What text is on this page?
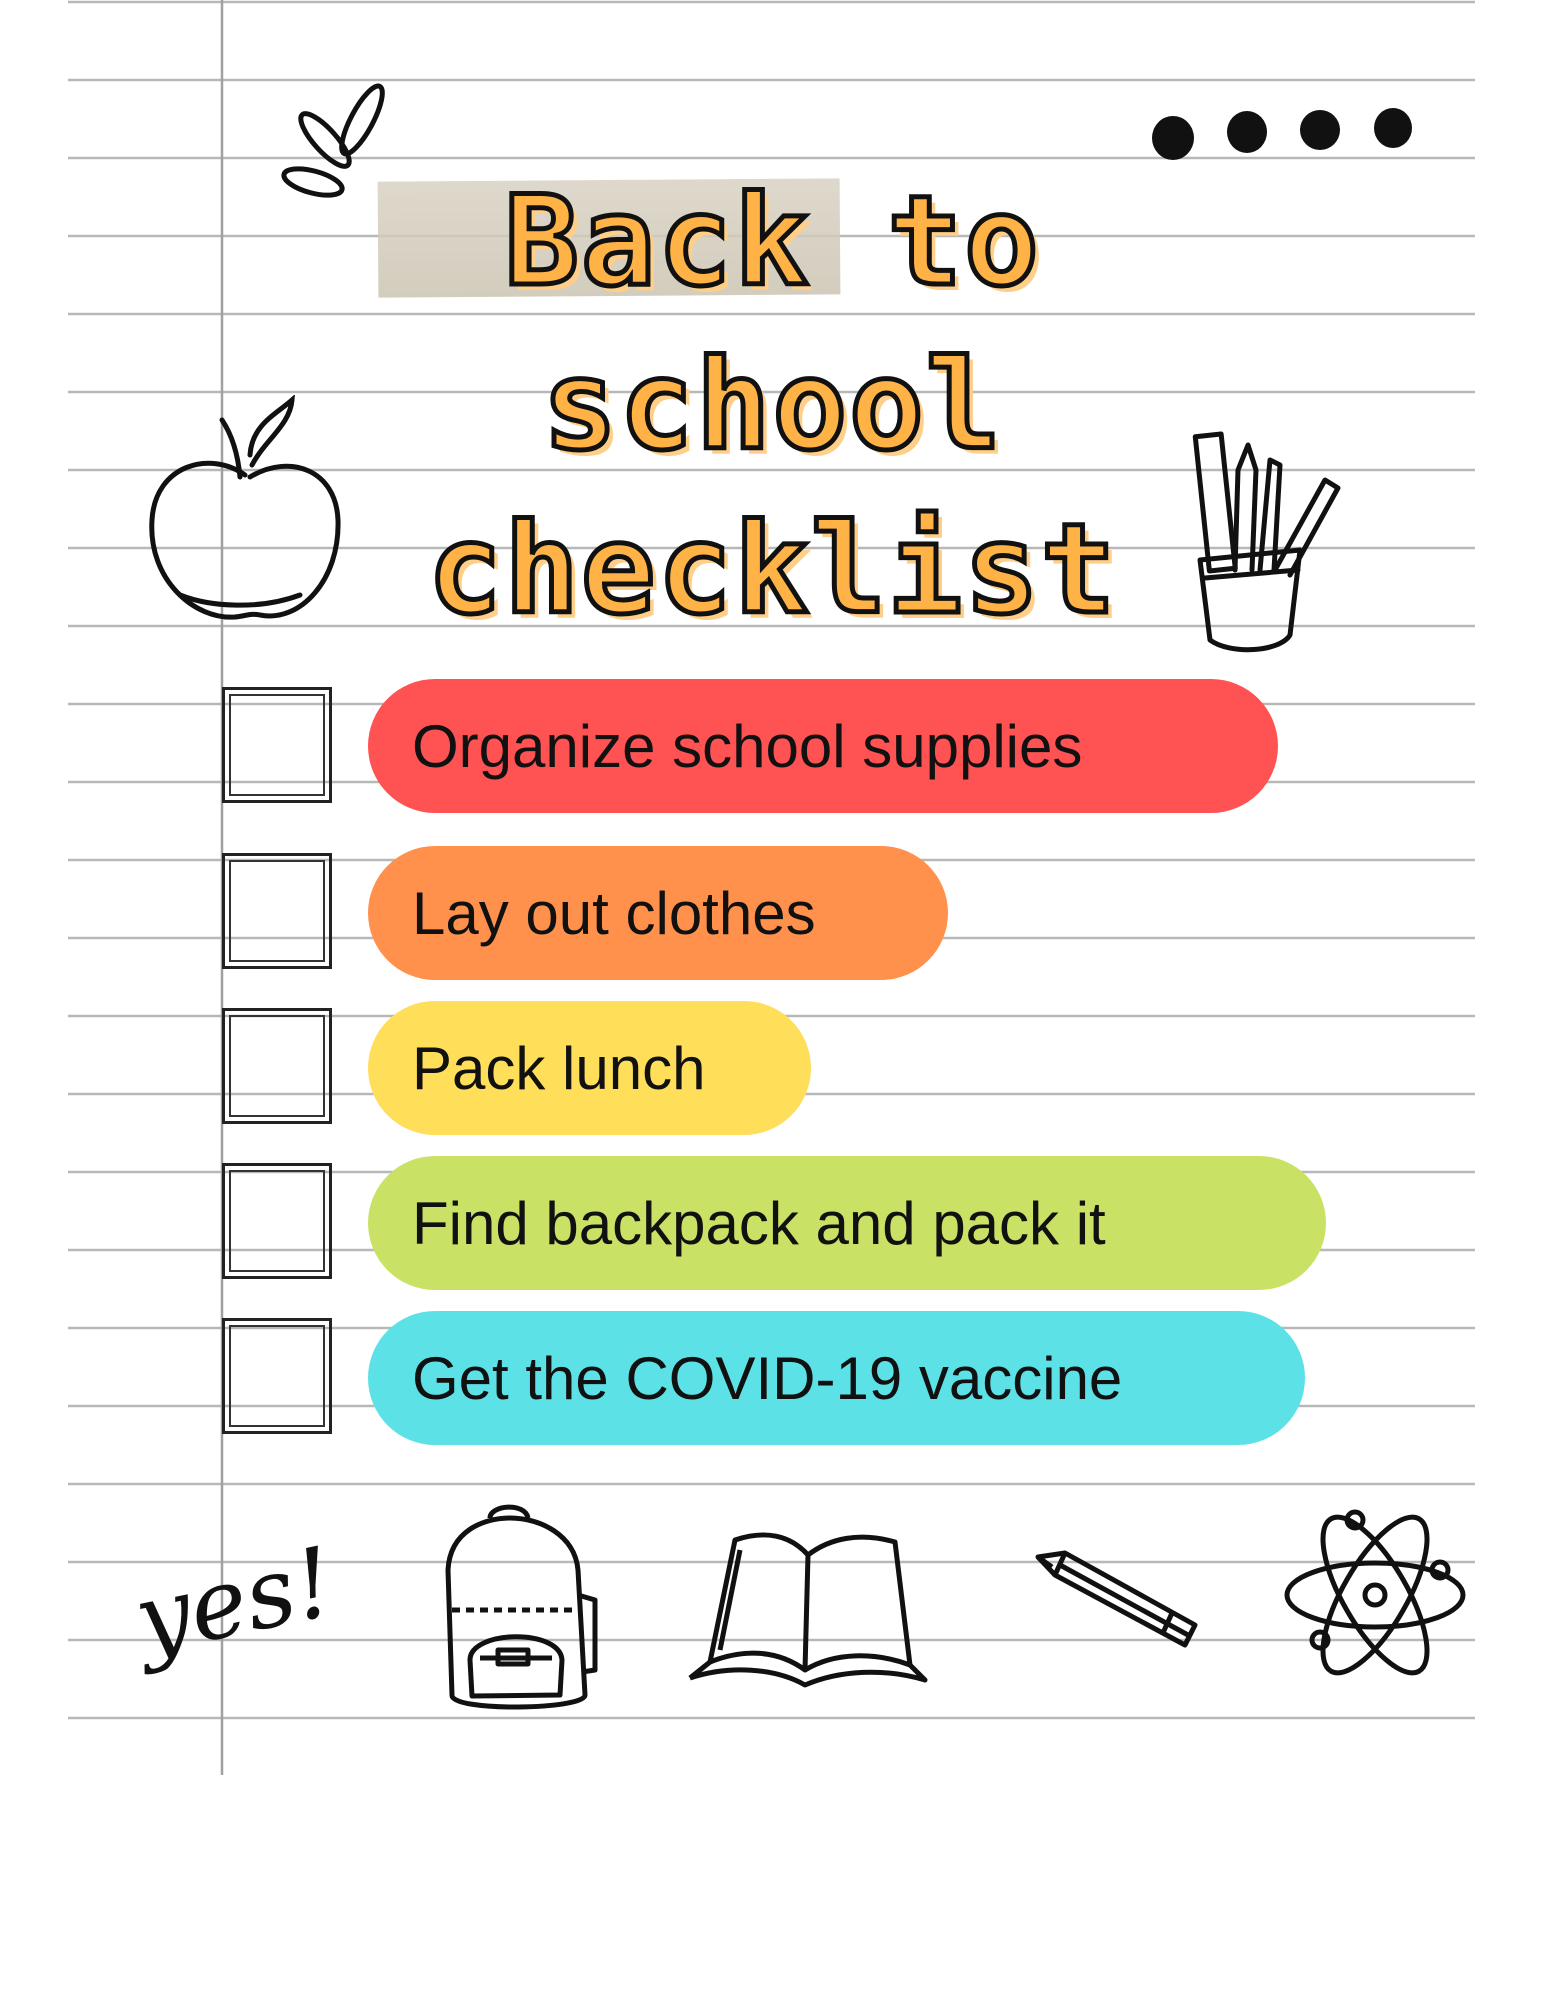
Back to
school
checklist
Organize school supplies
Lay out clothes
Pack lunch
Find backpack and pack it
Get the COVID-19 vaccine
yes!
